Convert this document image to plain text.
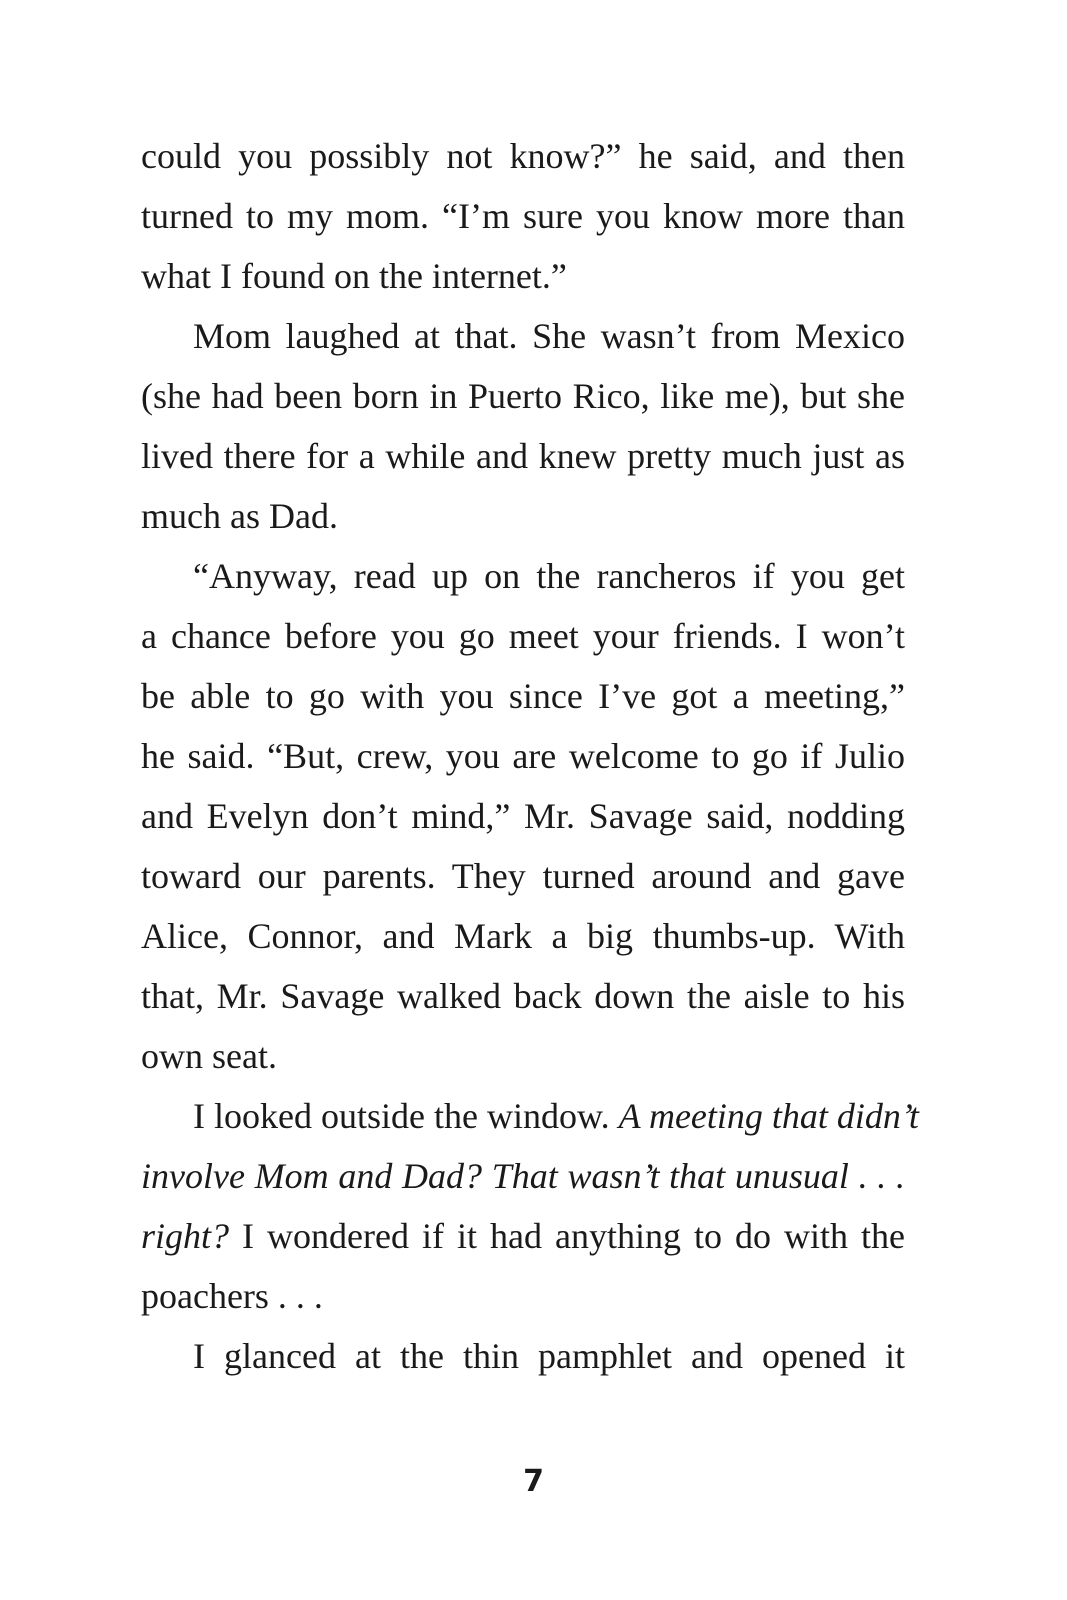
could you possibly not know?” he said, and then
turned to my mom. “I’m sure you know more than
what I found on the internet.”
Mom laughed at that. She wasn’t from Mexico
(she had been born in Puerto Rico, like me), but she
lived there for a while and knew pretty much just as
much as Dad.
“Anyway, read up on the rancheros if you get
a chance before you go meet your friends. I won’t
be able to go with you since I’ve got a meeting,”
he said. “But, crew, you are welcome to go if Julio
and Evelyn don’t mind,” Mr. Savage said, nodding
toward our parents. They turned around and gave
Alice, Connor, and Mark a big thumbs-up. With
that, Mr. Savage walked back down the aisle to his
own seat.
I looked outside the window. A meeting that didn’t
involve Mom and Dad? That wasn’t that unusual . . .
right? I wondered if it had anything to do with the
poachers . . .
I glanced at the thin pamphlet and opened it
7
